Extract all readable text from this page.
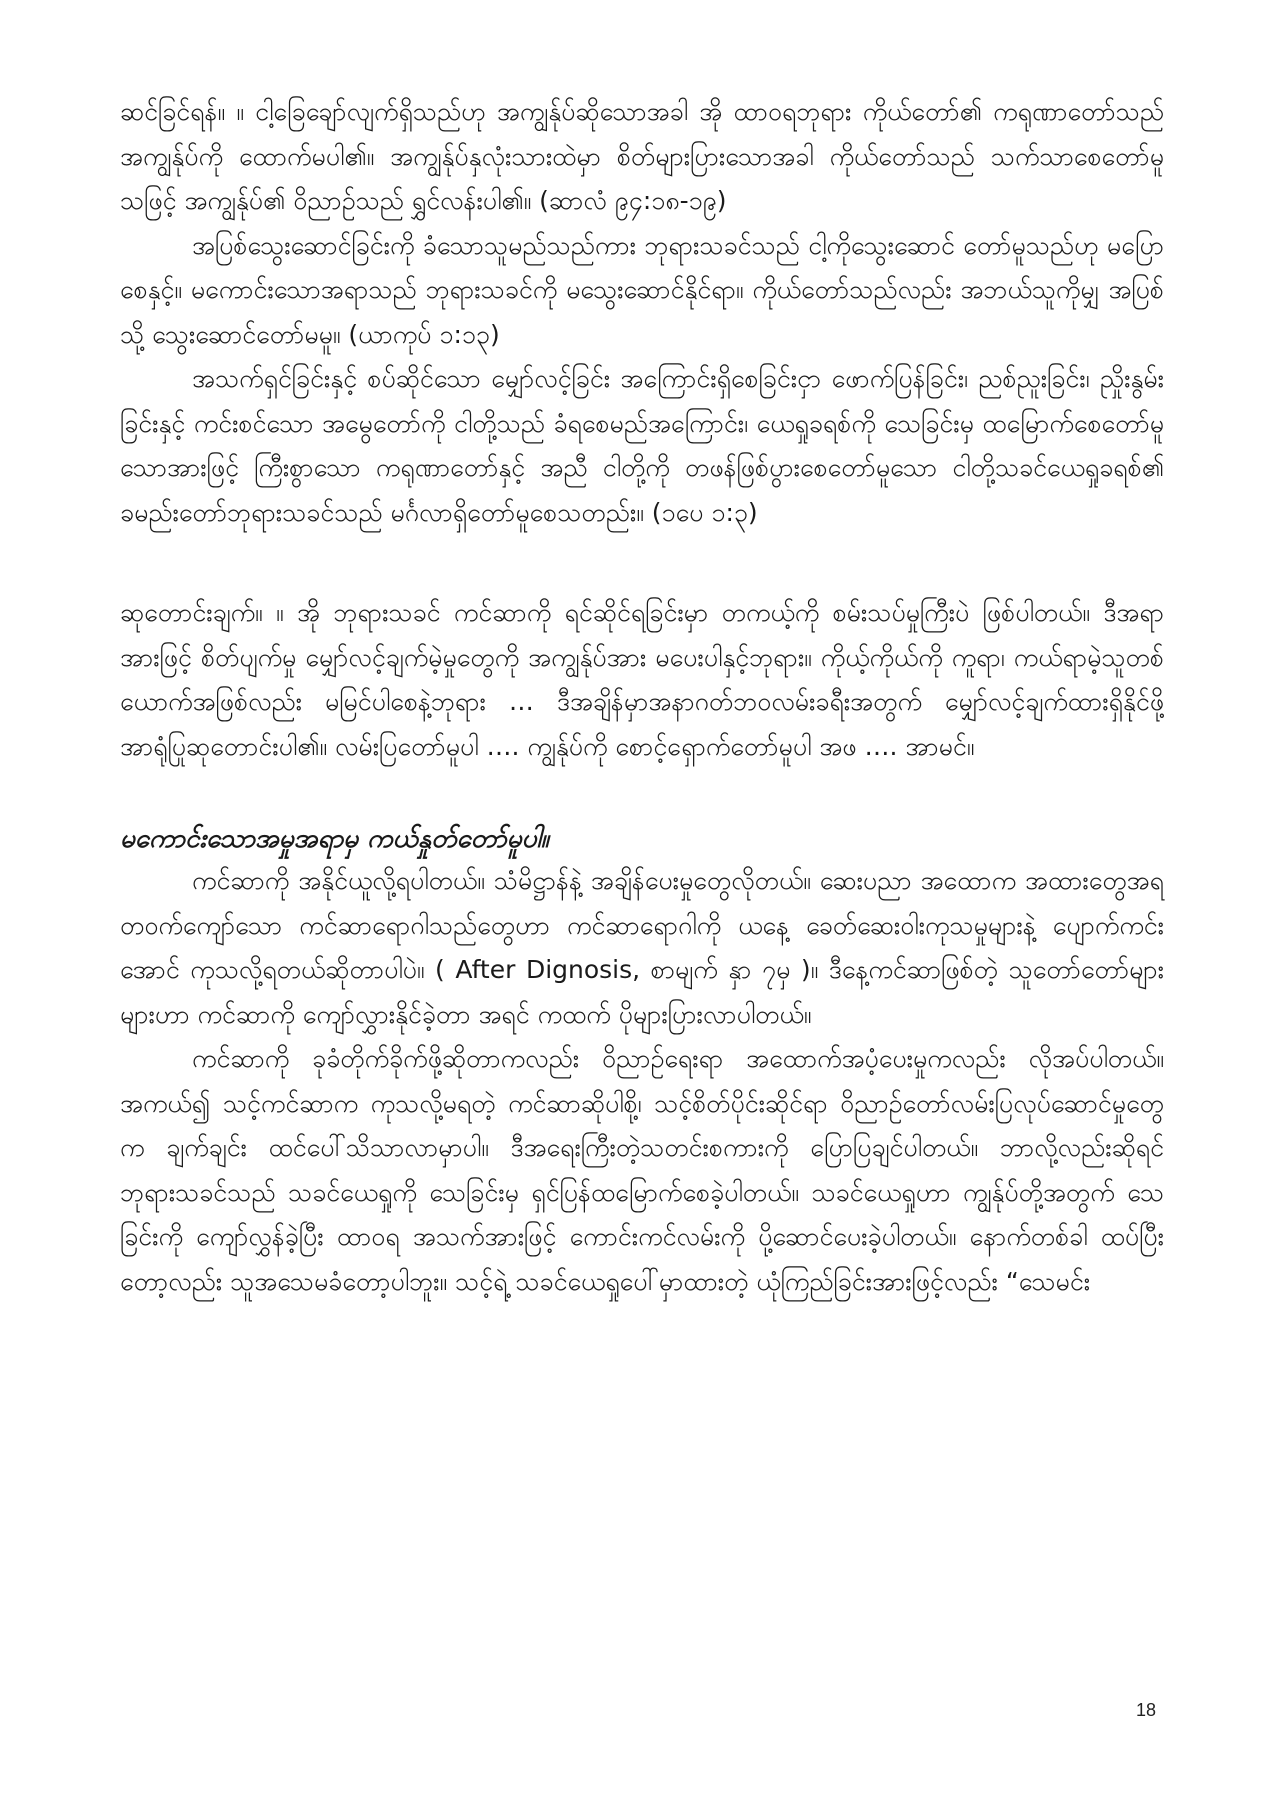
ဆင်ခြင်ရန်။ ။ ငါ့ခြေချော်လျက်ရှိသည်ဟု အကျွန်ုပ်ဆိုသောအခါ အို ထာဝရဘုရား ကိုယ်တော်၏ ကရုဏာတော်သည် အကျွန်ုပ်ကို ထောက်မပါ၏။ အကျွန်ုပ်နှလုံးသားထဲမှာ စိတ်များပြားသောအခါ ကိုယ်တော်သည် သက်သာစေတော်မူသဖြင့် အကျွန်ုပ်၏ ဝိညာဉ်သည် ရွှင်လန်းပါ၏။ (ဆာလံ ၉၄:၁၈-၁၉)

အပြစ်သွေးဆောင်ခြင်းကို ခံသောသူမည်သည်ကား ဘုရားသခင်သည် ငါ့ကိုသွေးဆောင် တော်မူသည်ဟု မပြောစေနှင့်။ မကောင်းသောအရာသည် ဘုရားသခင်ကို မသွေးဆောင်နိုင်ရာ။ ကိုယ်တော်သည်လည်း အဘယ်သူကိုမျှ အပြစ်သို့ သွေးဆောင်တော်မမူ။ (ယာကုပ် ၁:၁၃)

အသက်ရှင်ခြင်းနှင့် စပ်ဆိုင်သော မျှော်လင့်ခြင်း အကြောင်းရှိစေခြင်းငှာ ဖောက်ပြန်ခြင်း၊ ညစ်ညူးခြင်း၊ ညှိုးနွမ်းခြင်းနှင့် ကင်းစင်သော အမွေတော်ကို ငါတို့သည် ခံရစေမည်အကြောင်း၊ ယေရှုခရစ်ကို သေခြင်းမှ ထမြောက်စေတော်မူသောအားဖြင့် ကြီးစွာသော ကရုဏာတော်နှင့် အညီ ငါတို့ကို တဖန်ဖြစ်ပွားစေတော်မူသော ငါတို့သခင်ယေရှုခရစ်၏ ခမည်းတော်ဘုရားသခင်သည် မင်္ဂလာရှိတော်မူစေသတည်း။ (၁ပေ ၁:၃)

ဆုတောင်းချက်။ ။ အို ဘုရားသခင် ကင်ဆာကို ရင်ဆိုင်ရခြင်းမှာ တကယ့်ကို စမ်းသပ်မှုကြီးပဲ ဖြစ်ပါတယ်။ ဒီအရာအားဖြင့် စိတ်ပျက်မှု မျှော်လင့်ချက်မဲ့မှုတွေကို အကျွန်ုပ်အား မပေးပါနှင့်ဘုရား။ ကိုယ့်ကိုယ်ကို ကူရာ၊ ကယ်ရာမဲ့သူတစ်ယောက်အဖြစ်လည်း မမြင်ပါစေနဲ့ဘုရား … ဒီအချိန်မှာအနာဂတ်ဘဝလမ်းခရီးအတွက် မျှော်လင့်ချက်ထားရှိနိုင်ဖို့ အာရုံပြုဆုတောင်းပါ၏။ လမ်းပြတော်မူပါ …. ကျွန်ုပ်ကို စောင့်ရှောက်တော်မူပါ အဖ …. အာမင်။

မကောင်းသောအမှုအရာမှ ကယ်နှုတ်တော်မူပါ။

ကင်ဆာကို အနိုင်ယူလို့ရပါတယ်။ သံမိဋ္ဌာန်နဲ့ အချိန်ပေးမှုတွေလိုတယ်။ ဆေးပညာ အထောက အထားတွေအရ တဝက်ကျော်သော ကင်ဆာရောဂါသည်တွေဟာ ကင်ဆာရောဂါကို ယနေ့ ခေတ်ဆေးဝါးကုသမှုများနဲ့ ပျောက်ကင်းအောင် ကုသလို့ရတယ်ဆိုတာပါပဲ။ ( After Dignosis, စာမျက် နှာ ၇မှ )။ ဒီနေ့ကင်ဆာဖြစ်တဲ့ သူတော်တော်များများဟာ ကင်ဆာကို ကျော်လွှားနိုင်ခဲ့တာ အရင် ကထက် ပိုများပြားလာပါတယ်။

ကင်ဆာကို ခုခံတိုက်ခိုက်ဖို့ဆိုတာကလည်း ဝိညာဉ်ရေးရာ အထောက်အပံ့ပေးမှုကလည်း လိုအပ်ပါတယ်။ အကယ်၍ သင့်ကင်ဆာက ကုသလို့မရတဲ့ ကင်ဆာဆိုပါစို့၊ သင့်စိတ်ပိုင်းဆိုင်ရာ ဝိညာဉ်တော်လမ်းပြလုပ်ဆောင်မှုတွေက ချက်ချင်း ထင်ပေါ်သိသာလာမှာပါ။ ဒီအရေးကြီးတဲ့သတင်းစကားကို ပြောပြချင်ပါတယ်။ ဘာလို့လည်းဆိုရင် ဘုရားသခင်သည် သခင်ယေရှုကို သေခြင်းမှ ရှင်ပြန်ထမြောက်စေခဲ့ပါတယ်။ သခင်ယေရှုဟာ ကျွန်ုပ်တို့အတွက် သေခြင်းကို ကျော်လွှန်ခဲ့ပြီး ထာဝရ အသက်အားဖြင့် ကောင်းကင်လမ်းကို ပို့ဆောင်ပေးခဲ့ပါတယ်။ နောက်တစ်ခါ ထပ်ပြီးတော့လည်း သူအသေမခံတော့ပါဘူး။ သင့်ရဲ့ သခင်ယေရှုပေါ်မှာထားတဲ့ ယုံကြည်ခြင်းအားဖြင့်လည်း “သေမင်း

18
